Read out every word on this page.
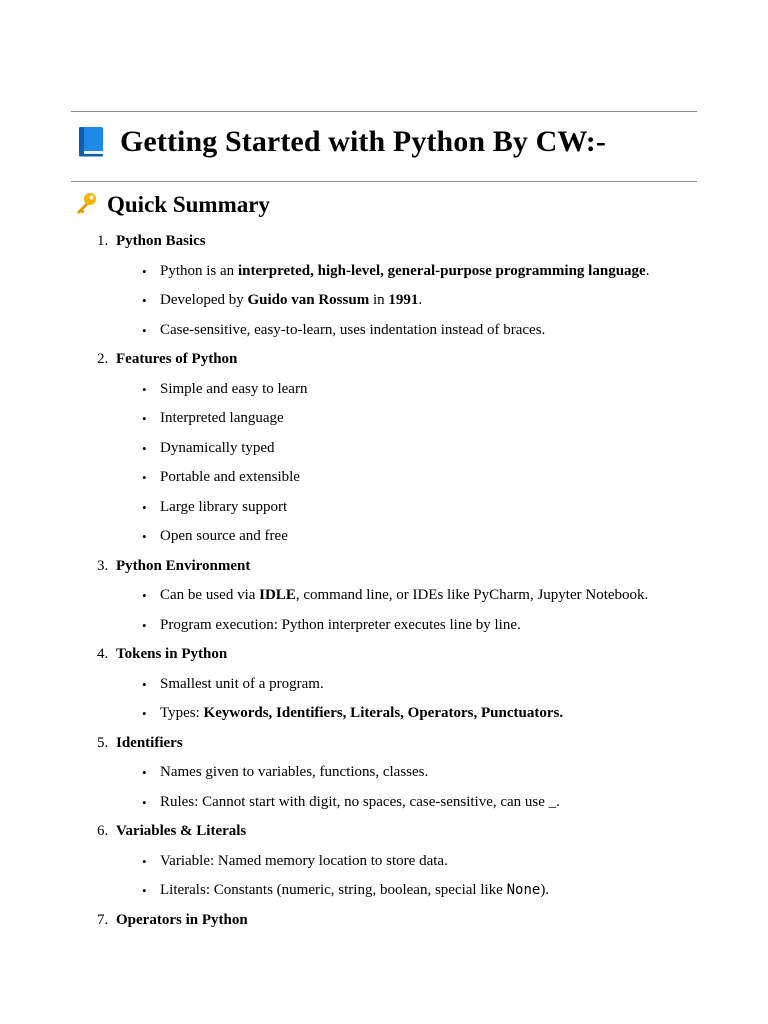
Getting Started with Python By CW:-
Quick Summary
1. Python Basics
• Python is an interpreted, high-level, general-purpose programming language.
• Developed by Guido van Rossum in 1991.
• Case-sensitive, easy-to-learn, uses indentation instead of braces.
2. Features of Python
• Simple and easy to learn
• Interpreted language
• Dynamically typed
• Portable and extensible
• Large library support
• Open source and free
3. Python Environment
• Can be used via IDLE, command line, or IDEs like PyCharm, Jupyter Notebook.
• Program execution: Python interpreter executes line by line.
4. Tokens in Python
• Smallest unit of a program.
• Types: Keywords, Identifiers, Literals, Operators, Punctuators.
5. Identifiers
• Names given to variables, functions, classes.
• Rules: Cannot start with digit, no spaces, case-sensitive, can use _.
6. Variables & Literals
• Variable: Named memory location to store data.
• Literals: Constants (numeric, string, boolean, special like None).
7. Operators in Python
